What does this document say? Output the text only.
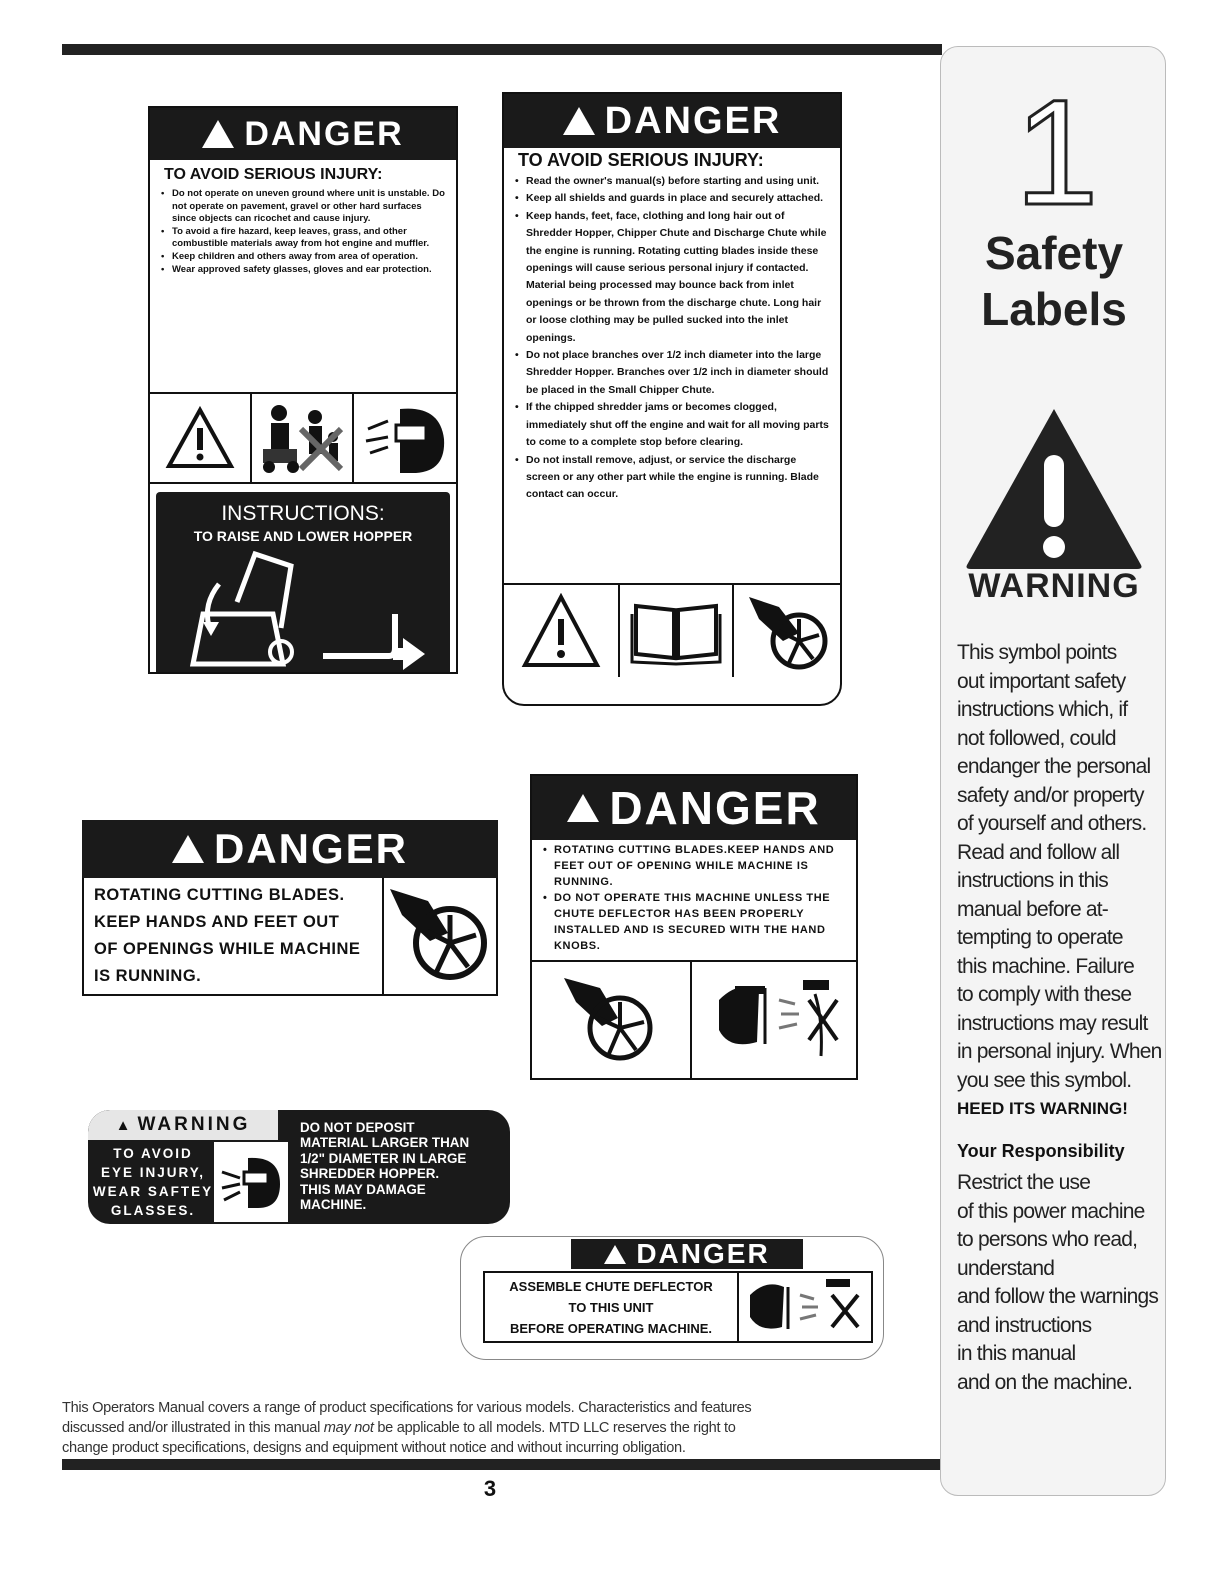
1
Safety
Labels
WARNING
This symbol points
out important safety
instructions which, if
not followed, could
endanger the personal
safety and/or property
of yourself and others.
Read and follow all
instructions in this
manual before at-
tempting to operate
this machine. Failure
to comply with these
instructions may result
in personal injury. When
you see this symbol.
HEED ITS WARNING!
Your Responsibility
Restrict the use
of this power machine
to persons who read,
understand
and follow the warnings
and instructions
in this manual
and on the machine.
DANGER
TO AVOID SERIOUS INJURY:
• Do not operate on uneven ground where unit is unstable. Do not operate on pavement, gravel or other hard surfaces since objects can ricochet and cause injury.
• To avoid a fire hazard, keep leaves, grass, and other combustible materials away from hot engine and muffler.
• Keep children and others away from area of operation.
• Wear approved safety glasses, gloves and ear protection.
INSTRUCTIONS:
TO RAISE AND LOWER HOPPER
DANGER
TO AVOID SERIOUS INJURY:
• Read the owner's manual(s) before starting and using unit.
• Keep all shields and guards in place and securely attached.
• Keep hands, feet, face, clothing and long hair out of Shredder Hopper, Chipper Chute and Discharge Chute while the engine is running. Rotating cutting blades inside these openings will cause serious personal injury if contacted. Material being processed may bounce back from inlet openings or be thrown from the discharge chute. Long hair or loose clothing may be pulled sucked into the inlet openings.
• Do not place branches over 1/2 inch diameter into the large Shredder Hopper. Branches over 1/2 inch in diameter should be placed in the Small Chipper Chute.
• If the chipped shredder jams or becomes clogged, immediately shut off the engine and wait for all moving parts to come to a complete stop before clearing.
• Do not install remove, adjust, or service the discharge screen or any other part while the engine is running. Blade contact can occur.
DANGER
ROTATING CUTTING BLADES.
KEEP HANDS AND FEET OUT
OF OPENINGS WHILE MACHINE
IS RUNNING.
DANGER
• ROTATING CUTTING BLADES.KEEP HANDS AND FEET OUT OF OPENING WHILE MACHINE IS RUNNING.
• DO NOT OPERATE THIS MACHINE UNLESS THE CHUTE DEFLECTOR HAS BEEN PROPERLY INSTALLED AND IS SECURED WITH THE HAND KNOBS.
▲ WARNING
TO AVOID
EYE INJURY,
WEAR SAFTEY
GLASSES.
DO NOT DEPOSIT
MATERIAL LARGER THAN
1/2" DIAMETER IN LARGE
SHREDDER HOPPER.
THIS MAY DAMAGE
MACHINE.
DANGER
ASSEMBLE CHUTE DEFLECTOR
TO THIS UNIT
BEFORE OPERATING MACHINE.
This Operators Manual covers a range of product specifications for various models. Characteristics and features
discussed and/or illustrated in this manual may not be applicable to all models. MTD LLC reserves the right to
change product specifications, designs and equipment without notice and without incurring obligation.
3
